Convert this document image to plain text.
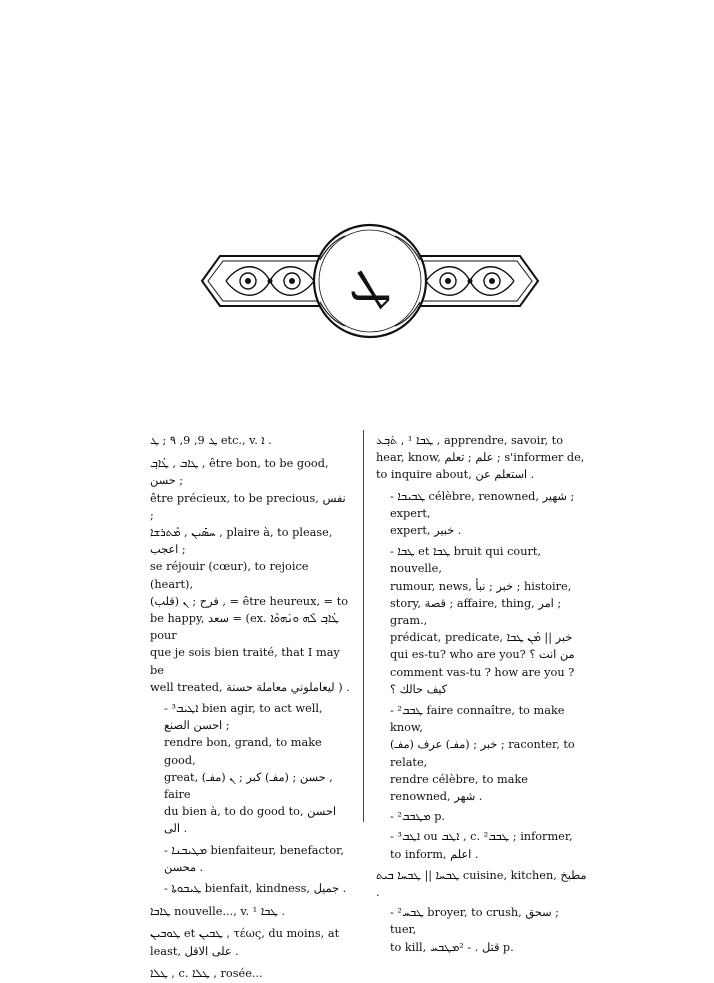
ܛ
ܛ 9, 9, ٩ ; ܛ etc., v. ܐ .
ܛܐܒ , ܛܳܐܒ݂ , être bon, to be good, حسن ;
être précieux, to be precious, نفس ;
ܚܣܺܝܢ , ܡܶܬܪܫܐ , plaire à, to please, اعجب ;
se réjouir (cœur), to rejoice (heart),
(قلب) فرح ; ܢ , = être heureux, = to
be happy, سعد = (ex. ܛܳܐܒ݂ ܠܶܗ ܘܢܰܗܘܶܐ pour
que je sois bien traité, that I may be
well treated, ليعاملوني معاملة حسنة ) .
- ³ܐܛܝܒ bien agir, to act well, احسن الصنع ;
rendre bon, grand, to make good,
great, (مفـ) حسن ; (مفـ) كبر ; ܢ , faire
du bien à, to do good to, احسن الى .
- ܡܛܝܒܢܐ bienfaiteur, benefactor, محسن .
- ܛܝܒܘܬܐ bienfait, kindness, جميل .
ܛܐܒܐ nouvelle..., v. ܛܒܐ ¹ .
ܛܘܒܝܢ et ܛܒܝܢ , τέως, du moins, at
least, على الاقل .
ܛܠܐ , c. ܛܠܐ , rosée...
ܛܒܐ ¹ , ܬܰܒ݂ܥ , apprendre, savoir, to
hear, know, علم ; تعلم ; s'informer de,
to inquire about, استعلم عن .
- ܛܒܝܒܐ célèbre, renowned, شهير ; expert,
expert, خبير .
- ܛܒܐ et ܛܒܐ bruit qui court, nouvelle,
rumour, news, خبر ; نبأ ; histoire,
story, قصة ; affaire, thing, امر ; gram.,
prédicat, predicate, خبر || ܡܳܢ ܛܒܐ
qui es-tu? who are you? من انت ؟
comment vas-tu ? how are you ?
كيف حالك ؟
- ²ܛܒܒ faire connaître, to make know,
(مفـ) خبر ; (مفـ) عرف ; raconter, to relate,
rendre célèbre, to make renowned, شهر .
- ²ܡܛܒܒ p.
- ³ܐܛܒ ou ܐܛܒ , c. ²ܛܒܒ ; informer,
to inform, اعلم .
ܛܒܚܐ || ܛܒܚܐ ܒܝܬ cuisine, kitchen, مطبخ .
- ²ܛܒܚ broyer, to crush, سحق ; tuer,
to kill, قتل . - ²ܡܛܒܚ p.
